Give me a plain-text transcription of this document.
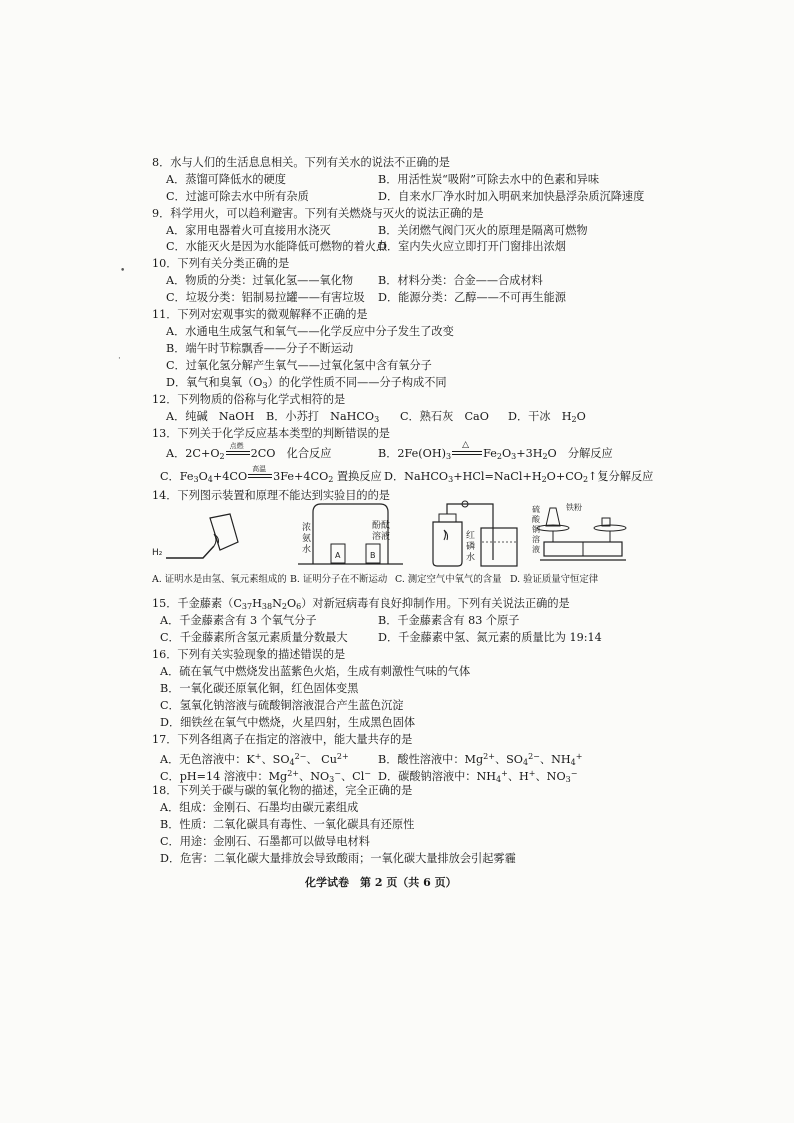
•
·
8．水与人们的生活息息相关。下列有关水的说法不正确的是
A．蒸馏可降低水的硬度	B．用活性炭“吸附”可除去水中的色素和异味
C．过滤可除去水中所有杂质	D．自来水厂净水时加入明矾来加快悬浮杂质沉降速度
9．科学用火，可以趋利避害。下列有关燃烧与灭火的说法正确的是
A．家用电器着火可直接用水浇灭	B．关闭燃气阀门灭火的原理是隔离可燃物
C．水能灭火是因为水能降低可燃物的着火点
D．室内失火应立即打开门窗排出浓烟
10．下列有关分类正确的是
A．物质的分类：过氧化氢——氧化物 B．材料分类：合金——合成材料
C．垃圾分类：铝制易拉罐——有害垃圾 D．能源分类：乙醇——不可再生能源
11．下列对宏观事实的微观解释不正确的是
A．水通电生成氢气和氧气——化学反应中分子发生了改变
B．端午时节粽飘香——分子不断运动
C．过氧化氢分解产生氧气——过氧化氢中含有氧分子
D．氧气和臭氧$(O_3)$的化学性质不同——分子构成不同
12．下列物质的俗称与化学式相符的是
A．纯碱　NaOH B．小苏打　NaHCO$_3$ C．熟石灰　CaO D．干冰　$H_2O$
13．下列关于化学反应基本类型的判断错误的是
A．$2C+O_2$
点燃
2CO　化合反应	B．$2Fe(OH)_3$
△
$Fe_2O_3+3H_2O$　分解反应
C．$Fe_3O_4+4CO$
高温
$3Fe+4CO_2$ 置换反应 D．$NaHCO_3+HCl=NaCl+H_2O+CO_2↑$复分解反应
14．下列图示装置和原理不能达到实验目的的是
H₂	A	B
浓
氨
水
酚酞
溶液	红
磷
水
硫
酸
铜
溶
液
铁粉
A. 证明水是由氢、氧元素组成的 B. 证明分子在不断运动 C. 测定空气中氧气的含量 D. 验证质量守恒定律
15．千金藤素$(C_{37}H_{38}N_2O_6)$对新冠病毒有良好抑制作用。下列有关说法正确的是
A．千金藤素含有 3 个氧气分子	B．千金藤素含有 83 个原子
C．千金藤素所含氢元素质量分数最大	D．千金藤素中氢、氮元素的质量比为 19:14
16．下列有关实验现象的描述错误的是
A．硫在氧气中燃烧发出蓝紫色火焰，生成有刺激性气味的气体
B．一氧化碳还原氧化铜，红色固体变黑
C．氢氧化钠溶液与硫酸铜溶液混合产生蓝色沉淀
D．细铁丝在氧气中燃烧，火星四射，生成黑色固体
17．下列各组离子在指定的溶液中，能大量共存的是
A．无色溶液中：K+、$SO_4^{2-}$、 $Cu^{2+}$	B．酸性溶液中：$Mg^{2+}$、$SO_4^{2-}$、$NH_4^+$
C．pH=14 溶液中：$Mg^{2+}$、$NO_3^-$、Cl− D．碳酸钠溶液中：$NH_4^+$、H+、$NO_3^-$
18．下列关于碳与碳的氧化物的描述，完全正确的是
A．组成：金刚石、石墨均由碳元素组成
B．性质：二氧化碳具有毒性、一氧化碳具有还原性
C．用途：金刚石、石墨都可以做导电材料
D．危害：二氧化碳大量排放会导致酸雨；一氧化碳大量排放会引起雾霾
化学试卷　第 2 页（共 6 页）
